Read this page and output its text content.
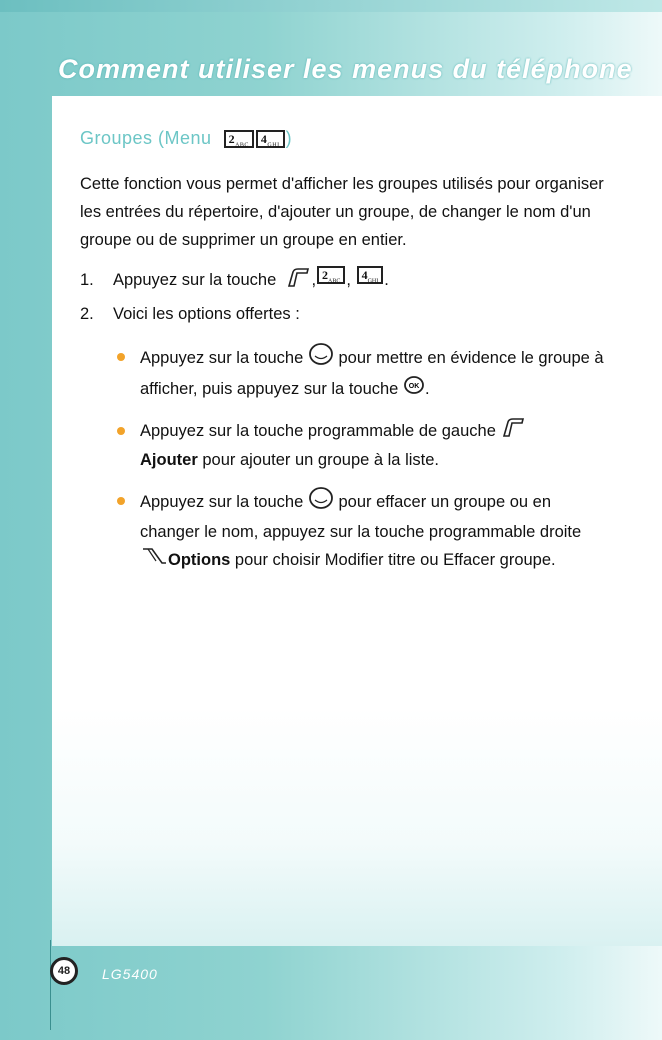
Comment utiliser les menus du téléphone
Groupes (Menu
	$2_{ABC}$	$4_{GHI}$ )

Cette fonction vous permet d'afficher les groupes utilisés pour organiser les entrées du répertoire, d'ajouter un groupe, de changer le nom d'un groupe ou de supprimer un groupe en entier.

1.	Appuyez sur la touche
, $2_{ABC}$ ,
$4_{GHI}$ .
2.	Voici les options offertes :

Appuyez sur la touche pour mettre en évidence le groupe à afficher, puis appuyez sur la touche OK .

Appuyez sur la touche programmable de gauche
Ajouter pour ajouter un groupe à la liste.

Appuyez sur la touche pour effacer un groupe ou en changer le nom, appuyez sur la touche programmable droite Options pour choisir Modifier titre ou Effacer groupe.

48	LG5400
